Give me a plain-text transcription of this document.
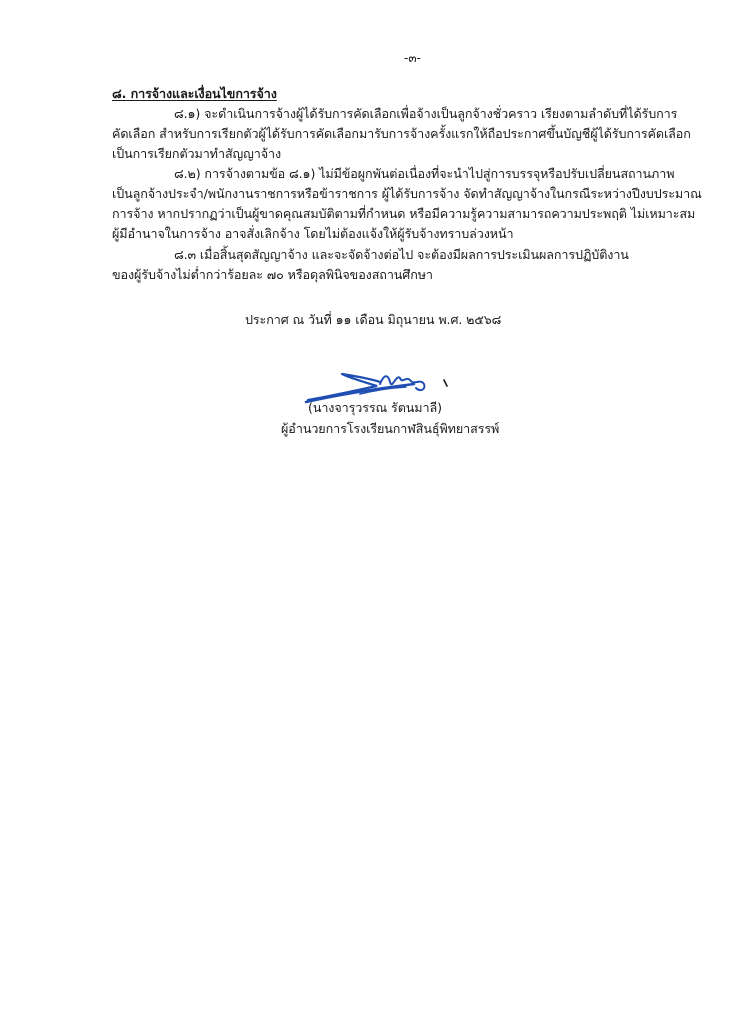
-๓-
๘. การจ้างและเงื่อนไขการจ้าง
๘.๑) จะดำเนินการจ้างผู้ได้รับการคัดเลือกเพื่อจ้างเป็นลูกจ้างชั่วคราว เรียงตามลำดับที่ได้รับการ
คัดเลือก สำหรับการเรียกตัวผู้ได้รับการคัดเลือกมารับการจ้างครั้งแรกให้ถือประกาศขึ้นบัญชีผู้ได้รับการคัดเลือก
เป็นการเรียกตัวมาทำสัญญาจ้าง
๘.๒) การจ้างตามข้อ ๘.๑) ไม่มีข้อผูกพันต่อเนื่องที่จะนำไปสู่การบรรจุหรือปรับเปลี่ยนสถานภาพ
เป็นลูกจ้างประจำ/พนักงานราชการหรือข้าราชการ ผู้ได้รับการจ้าง จัดทำสัญญาจ้างในกรณีระหว่างปีงบประมาณ
การจ้าง หากปรากฏว่าเป็นผู้ขาดคุณสมบัติตามที่กำหนด หรือมีความรู้ความสามารถความประพฤติ ไม่เหมาะสม
ผู้มีอำนาจในการจ้าง อาจสั่งเลิกจ้าง โดยไม่ต้องแจ้งให้ผู้รับจ้างทราบล่วงหน้า
๘.๓ เมื่อสิ้นสุดสัญญาจ้าง และจะจัดจ้างต่อไป จะต้องมีผลการประเมินผลการปฏิบัติงาน
ของผู้รับจ้างไม่ต่ำกว่าร้อยละ ๗๐ หรือดุลพินิจของสถานศึกษา
ประกาศ ณ วันที่ ๑๑ เดือน มิถุนายน พ.ศ. ๒๕๖๘
(นางจารุวรรณ รัตนมาลี)
ผู้อำนวยการโรงเรียนกาฬสินธุ์พิทยาสรรพ์
